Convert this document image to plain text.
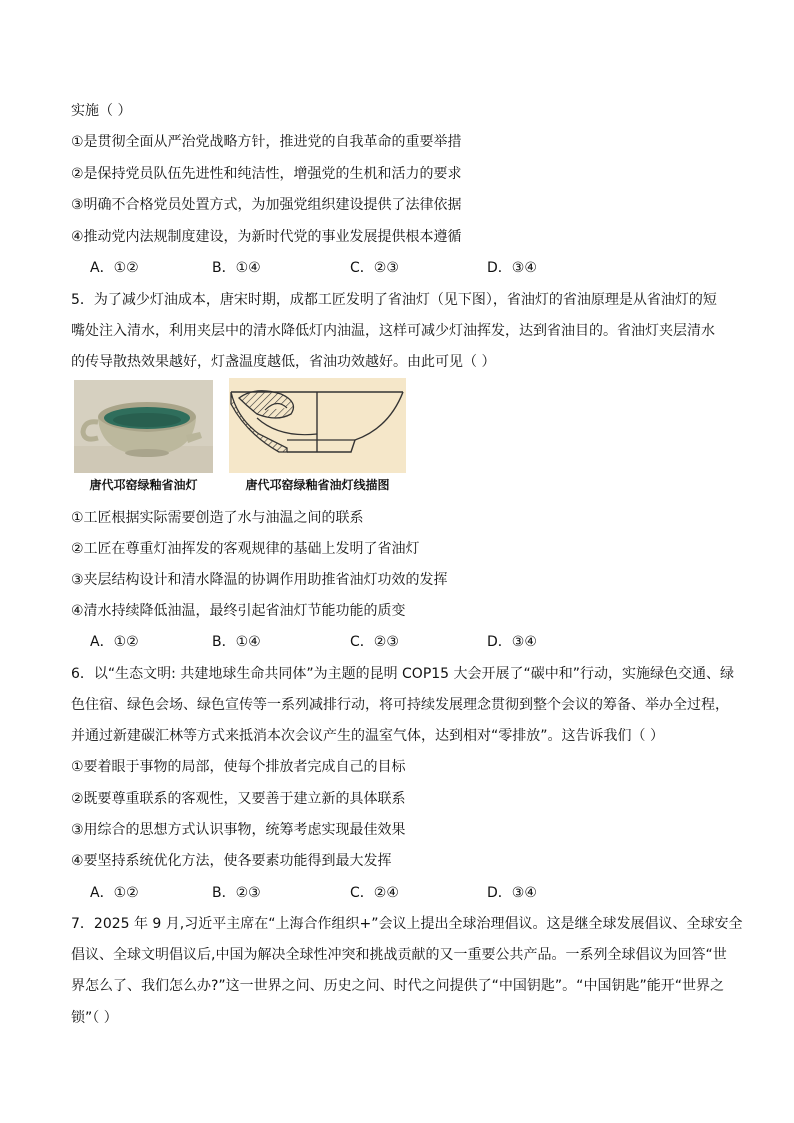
实施（ ）
①是贯彻全面从严治党战略方针，推进党的自我革命的重要举措
②是保持党员队伍先进性和纯洁性，增强党的生机和活力的要求
③明确不合格党员处置方式，为加强党组织建设提供了法律依据
④推动党内法规制度建设，为新时代党的事业发展提供根本遵循
A．①②	B．①④	C．②③	D．③④
5．为了减少灯油成本，唐宋时期，成都工匠发明了省油灯（见下图），省油灯的省油原理是从省油灯的短
嘴处注入清水，利用夹层中的清水降低灯内油温，这样可减少灯油挥发，达到省油目的。省油灯夹层清水
的传导散热效果越好，灯盏温度越低，省油功效越好。由此可见（ ）
唐代邛窑绿釉省油灯	唐代邛窑绿釉省油灯线描图
①工匠根据实际需要创造了水与油温之间的联系
②工匠在尊重灯油挥发的客观规律的基础上发明了省油灯
③夹层结构设计和清水降温的协调作用助推省油灯功效的发挥
④清水持续降低油温，最终引起省油灯节能功能的质变
A．①②	B．①④	C．②③	D．③④
6．以“生态文明: 共建地球生命共同体”为主题的昆明 COP15 大会开展了“碳中和”行动，实施绿色交通、绿
色住宿、绿色会场、绿色宣传等一系列减排行动，将可持续发展理念贯彻到整个会议的筹备、举办全过程，
并通过新建碳汇林等方式来抵消本次会议产生的温室气体，达到相对“零排放”。这告诉我们（ ）
①要着眼于事物的局部，使每个排放者完成自己的目标
②既要尊重联系的客观性，又要善于建立新的具体联系
③用综合的思想方式认识事物，统筹考虑实现最佳效果
④要坚持系统优化方法，使各要素功能得到最大发挥
A．①②	B．②③	C．②④	D．③④
7．2025 年 9 月,习近平主席在“上海合作组织+”会议上提出全球治理倡议。这是继全球发展倡议、全球安全
倡议、全球文明倡议后,中国为解决全球性冲突和挑战贡献的又一重要公共产品。一系列全球倡议为回答“世
界怎么了、我们怎么办?”这一世界之问、历史之问、时代之问提供了“中国钥匙”。“中国钥匙”能开“世界之
锁”（ ）
